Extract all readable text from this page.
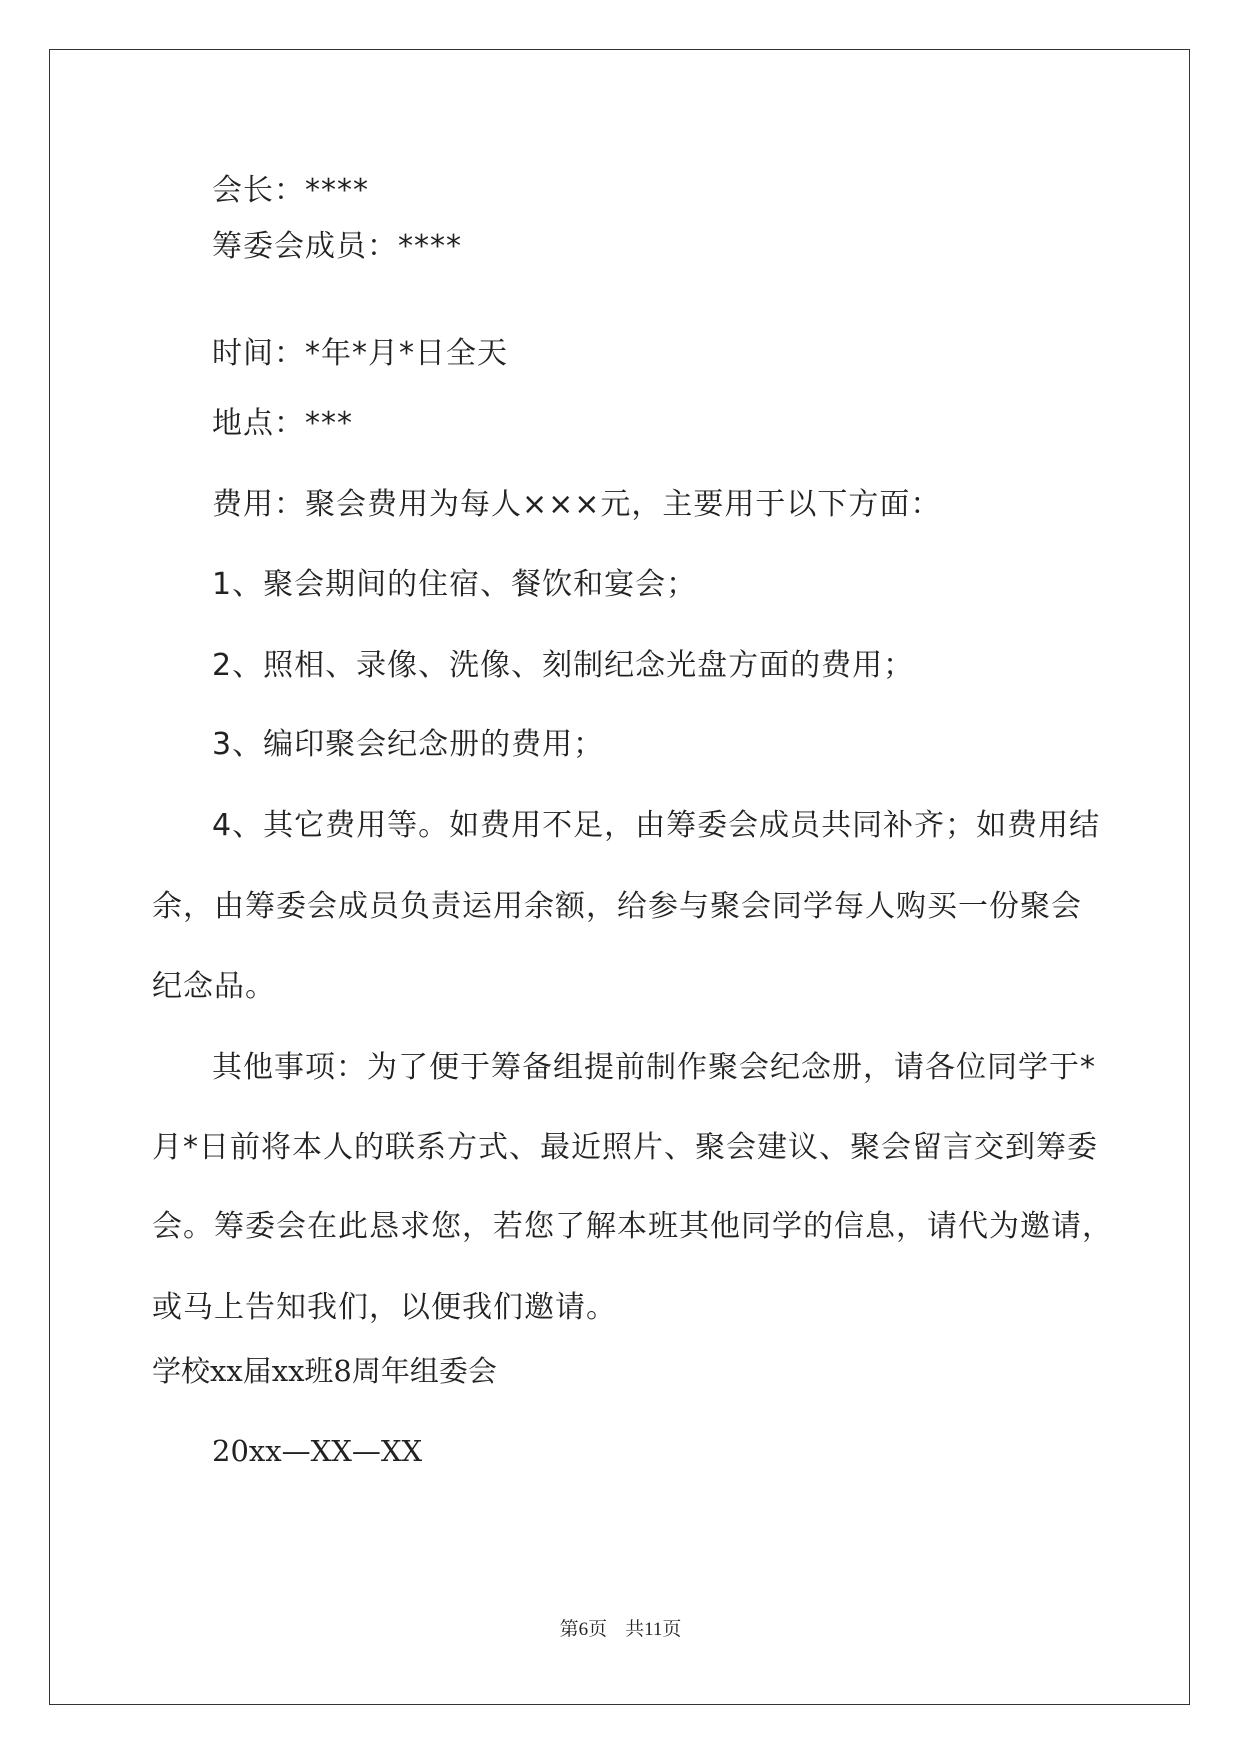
会长：****
筹委会成员：****
时间：*年*月*日全天
地点：***
费用：聚会费用为每人×××元，主要用于以下方面：
1、聚会期间的住宿、餐饮和宴会；
2、照相、录像、洗像、刻制纪念光盘方面的费用；
3、编印聚会纪念册的费用；
4、其它费用等。如费用不足，由筹委会成员共同补齐；如费用结
余，由筹委会成员负责运用余额，给参与聚会同学每人购买一份聚会
纪念品。
其他事项：为了便于筹备组提前制作聚会纪念册，请各位同学于*
月*日前将本人的联系方式、最近照片、聚会建议、聚会留言交到筹委
会。筹委会在此恳求您，若您了解本班其他同学的信息，请代为邀请，
或马上告知我们，以便我们邀请。
学校xx届xx班8周年组委会
20xx—XX—XX
第6页 共11页
